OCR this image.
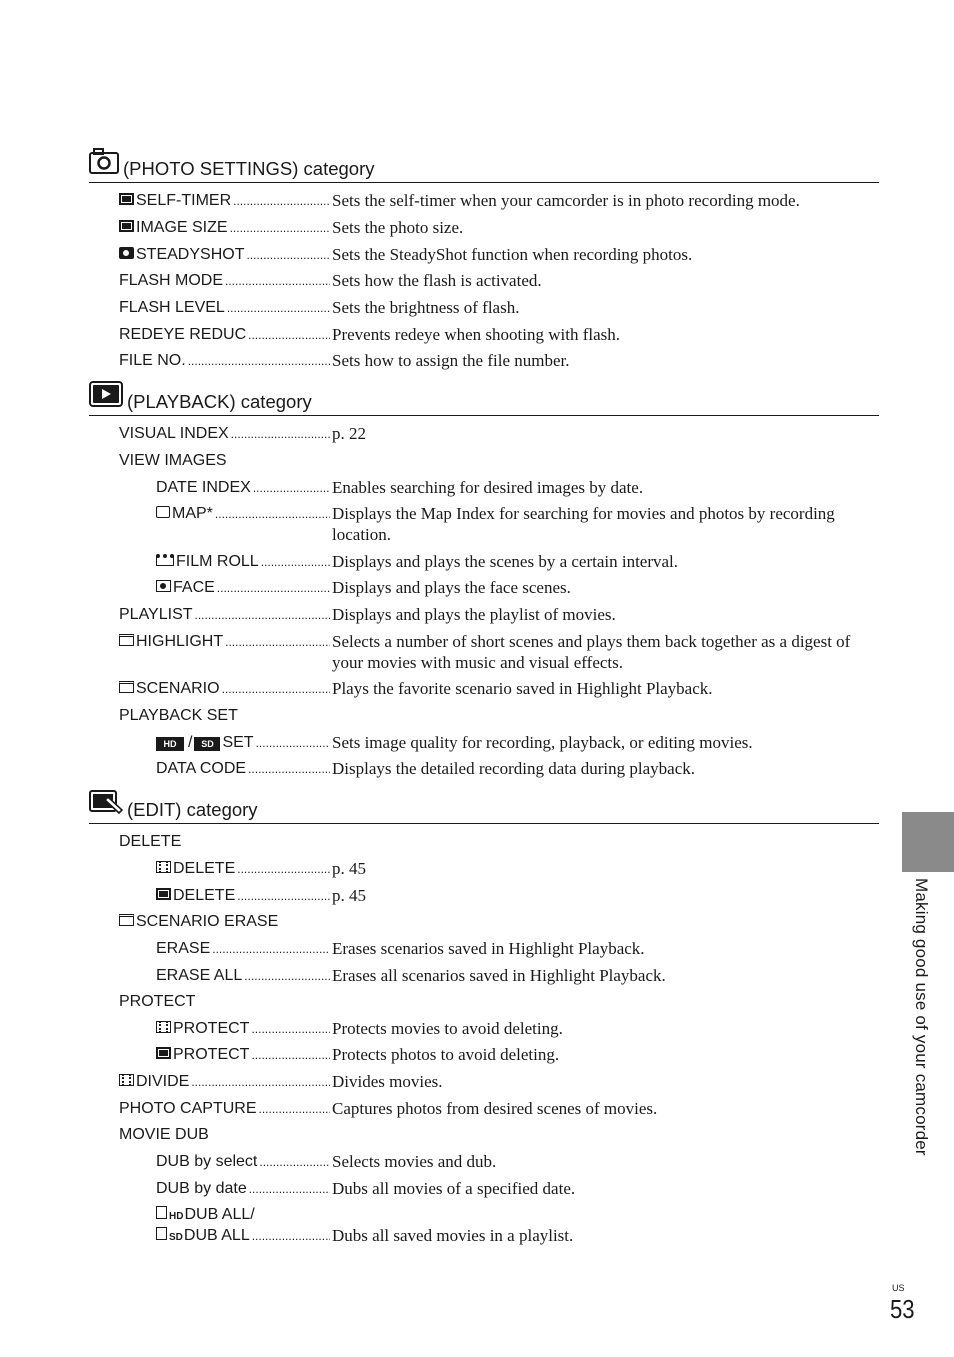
(PHOTO SETTINGS) category
SELF-TIMER .....	Sets the self-timer when your camcorder is in photo recording mode.
IMAGE SIZE .....	Sets the photo size.
STEADYSHOT .....	Sets the SteadyShot function when recording photos.
FLASH MODE .....	Sets how the flash is activated.
FLASH LEVEL .....	Sets the brightness of flash.
REDEYE REDUC .....	Prevents redeye when shooting with flash.
FILE NO. .....	Sets how to assign the file number.
(PLAYBACK) category
VISUAL INDEX .....	p. 22
VIEW IMAGES
DATE INDEX .....	Enables searching for desired images by date.
MAP* .....	Displays the Map Index for searching for movies and photos by recording location.
FILM ROLL .....	Displays and plays the scenes by a certain interval.
FACE .....	Displays and plays the face scenes.
PLAYLIST .....	Displays and plays the playlist of movies.
HIGHLIGHT .....	Selects a number of short scenes and plays them back together as a digest of your movies with music and visual effects.
SCENARIO .....	Plays the favorite scenario saved in Highlight Playback.
PLAYBACK SET
HD / SD SET .....	Sets image quality for recording, playback, or editing movies.
DATA CODE .....	Displays the detailed recording data during playback.
(EDIT) category
DELETE
DELETE .....	p. 45
DELETE .....	p. 45
SCENARIO ERASE
ERASE .....	Erases scenarios saved in Highlight Playback.
ERASE ALL .....	Erases all scenarios saved in Highlight Playback.
PROTECT
PROTECT .....	Protects movies to avoid deleting.
PROTECT .....	Protects photos to avoid deleting.
DIVIDE .....	Divides movies.
PHOTO CAPTURE .....	Captures photos from desired scenes of movies.
MOVIE DUB
DUB by select .....	Selects movies and dub.
DUB by date .....	Dubs all movies of a specified date.
HD DUB ALL/
SD DUB ALL .....	Dubs all saved movies in a playlist.
Making good use of your camcorder
US
53
